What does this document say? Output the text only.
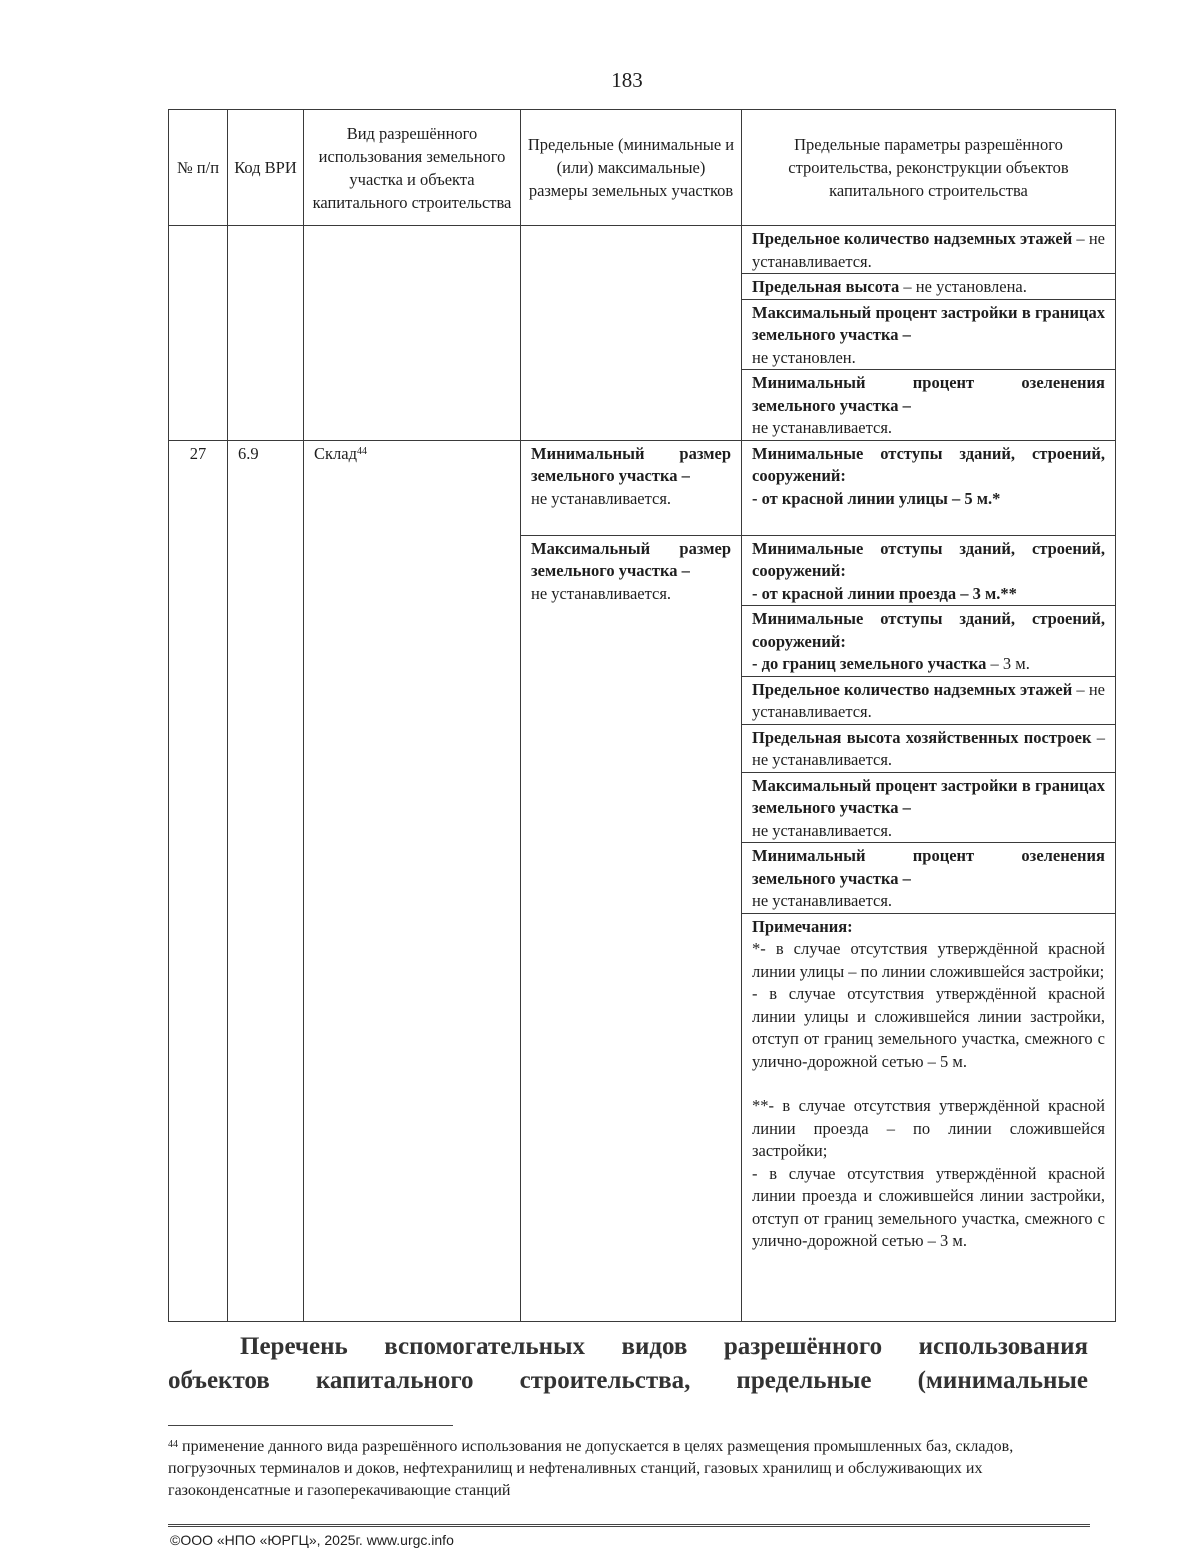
183
№ п/п	Код ВРИ	Вид разрешённого использования земельного участка и объекта капитального строительства	Предельные (минимальные и (или) максимальные) размеры земельных участков	Предельные параметры разрешённого строительства, реконструкции объектов капитального строительства

				Предельное количество надземных этажей – не устанавливается.

				Предельная высота – не установлена.

				Максимальный процент застройки в границах земельного участка –
не установлен.

				Минимальный процент озеленения земельного участка –
не устанавливается.

27	6.9	Склад$^{44}$	Минимальный размер земельного участка –
не устанавливается.	Минимальные отступы зданий, строений, сооружений:
- от красной линии улицы – 5 м.*

			Максимальный размер земельного участка –
не устанавливается.	Минимальные отступы зданий, строений, сооружений:
- от красной линии проезда – 3 м.**

				Минимальные отступы зданий, строений, сооружений:
- до границ земельного участка – 3 м.

				Предельное количество надземных этажей – не устанавливается.

				Предельная высота хозяйственных построек – не устанавливается.

				Максимальный процент застройки в границах земельного участка –
не устанавливается.

				Минимальный процент озеленения земельного участка –
не устанавливается.

				Примечания:
*- в случае отсутствия утверждённой красной линии улицы – по линии сложившейся застройки;
- в случае отсутствия утверждённой красной линии улицы и сложившейся линии застройки, отступ от границ земельного участка, смежного с улично-дорожной сетью – 5 м.
**- в случае отсутствия утверждённой красной линии проезда – по линии сложившейся застройки;
- в случае отсутствия утверждённой красной линии проезда и сложившейся линии застройки, отступ от границ земельного участка, смежного с улично-дорожной сетью – 3 м.
Перечень вспомогательных видов разрешённого использования
объектов капитального строительства, предельные (минимальные
$^{44}$ применение данного вида разрешённого использования не допускается в целях размещения промышленных баз, складов, погрузочных терминалов и доков, нефтехранилищ и нефтеналивных станций, газовых хранилищ и обслуживающих их газоконденсатные и газоперекачивающие станций
©ООО «НПО «ЮРГЦ», 2025г. www.urgc.info
